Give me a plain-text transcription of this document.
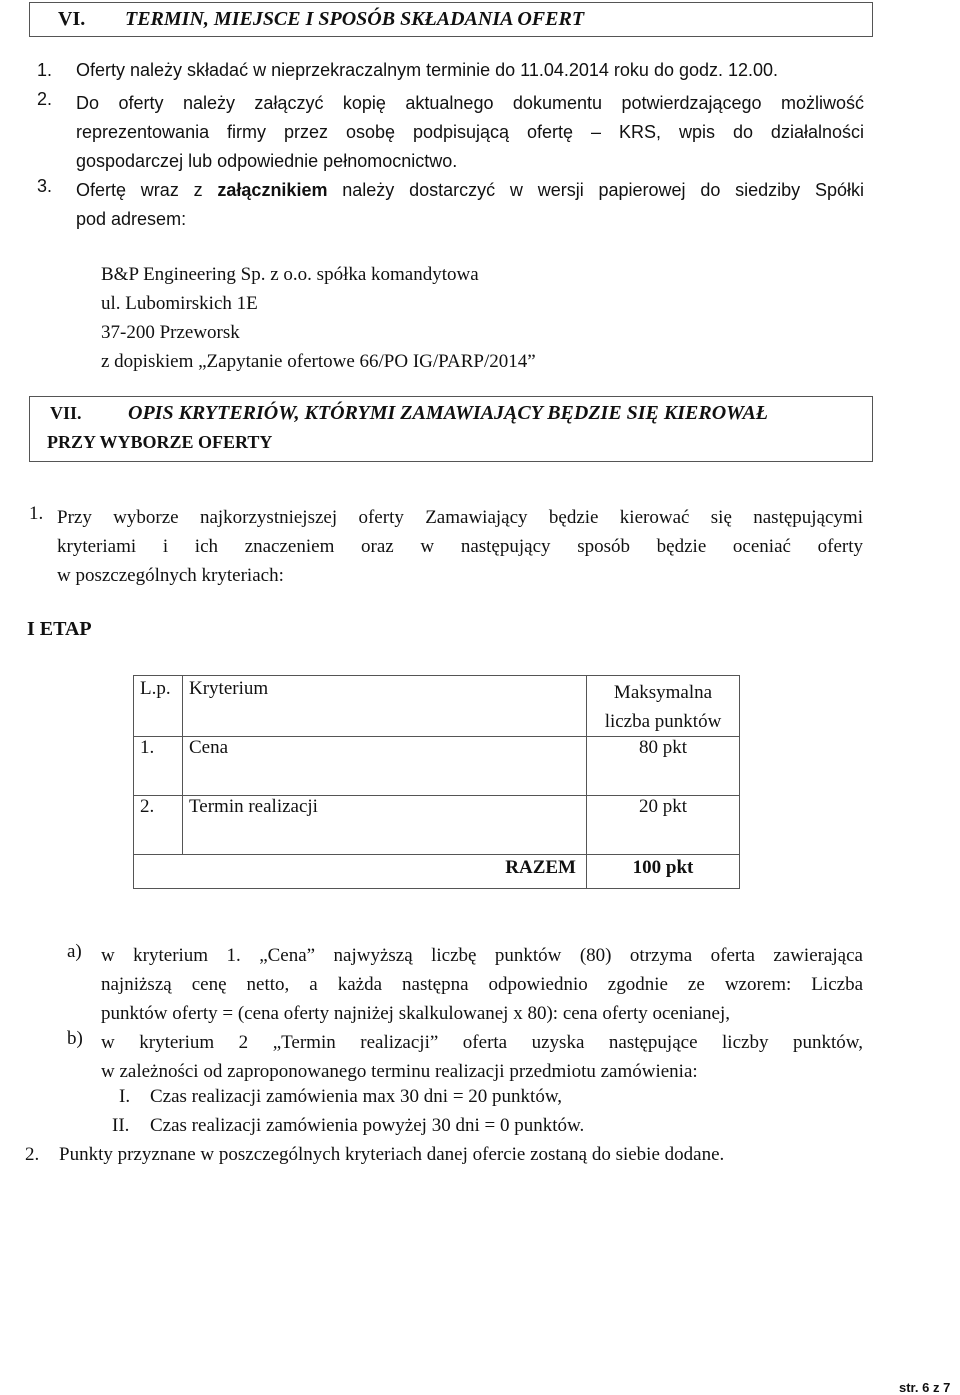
VI. TERMIN, MIEJSCE I SPOSÓB SKŁADANIA OFERT
1. Oferty należy składać w nieprzekraczalnym terminie do 11.04.2014 roku do godz. 12.00.
2. Do oferty należy załączyć kopię aktualnego dokumentu potwierdzającego możliwość
reprezentowania firmy przez osobę podpisującą ofertę – KRS, wpis do działalności
gospodarczej lub odpowiednie pełnomocnictwo.
3. Ofertę wraz z załącznikiem należy dostarczyć w wersji papierowej do siedziby Spółki
pod adresem:
B&P Engineering Sp. z o.o. spółka komandytowa
ul. Lubomirskich 1E
37-200 Przeworsk
z dopiskiem „Zapytanie ofertowe 66/PO IG/PARP/2014”
VII. OPIS KRYTERIÓW, KTÓRYMI ZAMAWIAJĄCY BĘDZIE SIĘ KIEROWAŁ
PRZY WYBORZE OFERTY
1. Przy wyborze najkorzystniejszej oferty Zamawiający będzie kierować się następującymi
kryteriami i ich znaczeniem oraz w następujący sposób będzie oceniać oferty
w poszczególnych kryteriach:
I ETAP
L.p.	Kryterium	Maksymalna
liczba punktów

1.	Cena	80 pkt
2.	Termin realizacji	20 pkt
RAZEM		100 pkt
a) w kryterium 1. „Cena” najwyższą liczbę punktów (80) otrzyma oferta zawierająca
najniższą cenę netto, a każda następna odpowiednio zgodnie ze wzorem: Liczba
punktów oferty = (cena oferty najniżej skalkulowanej x 80): cena oferty ocenianej,
b) w kryterium 2 „Termin realizacji” oferta uzyska następujące liczby punktów,
w zależności od zaproponowanego terminu realizacji przedmiotu zamówienia:
I. Czas realizacji zamówienia max 30 dni = 20 punktów,
II. Czas realizacji zamówienia powyżej 30 dni = 0 punktów.
2. Punkty przyznane w poszczególnych kryteriach danej ofercie zostaną do siebie dodane.
str. 6 z 7
